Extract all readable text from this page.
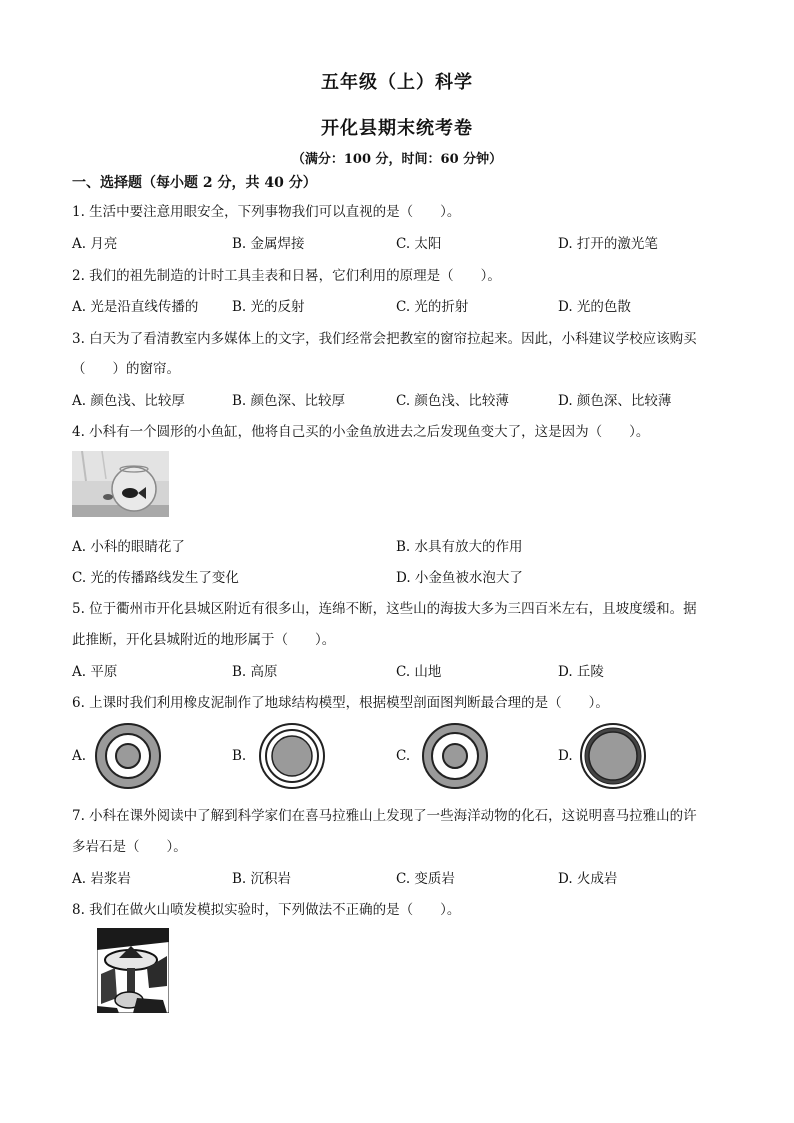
五年级（上）科学
开化县期末统考卷
（满分：100 分，时间：60 分钟）
一、选择题（每小题 2 分，共 40 分）
1. 生活中要注意用眼安全，下列事物我们可以直视的是（　　）。
A. 月亮	B. 金属焊接	C. 太阳	D. 打开的激光笔
2. 我们的祖先制造的计时工具圭表和日晷，它们利用的原理是（　　）。
A. 光是沿直线传播的 B. 光的反射	C. 光的折射	D. 光的色散
3. 白天为了看清教室内多媒体上的文字，我们经常会把教室的窗帘拉起来。因此，小科建议学校应该购买
（　　）的窗帘。
A. 颜色浅、比较厚	B. 颜色深、比较厚	C. 颜色浅、比较薄	D. 颜色深、比较薄
4. 小科有一个圆形的小鱼缸，他将自己买的小金鱼放进去之后发现鱼变大了，这是因为（　　）。
A. 小科的眼睛花了	B. 水具有放大的作用
C. 光的传播路线发生了变化	D. 小金鱼被水泡大了
5. 位于衢州市开化县城区附近有很多山，连绵不断，这些山的海拔大多为三四百米左右，且坡度缓和。据
此推断，开化县城附近的地形属于（　　）。
A. 平原	B. 高原	C. 山地	D. 丘陵
6. 上课时我们利用橡皮泥制作了地球结构模型，根据模型剖面图判断最合理的是（　　）。
A.	B.	C.	D.
7. 小科在课外阅读中了解到科学家们在喜马拉雅山上发现了一些海洋动物的化石，这说明喜马拉雅山的许
多岩石是（　　）。
A. 岩浆岩	B. 沉积岩	C. 变质岩	D. 火成岩
8. 我们在做火山喷发模拟实验时，下列做法不正确的是（　　）。
